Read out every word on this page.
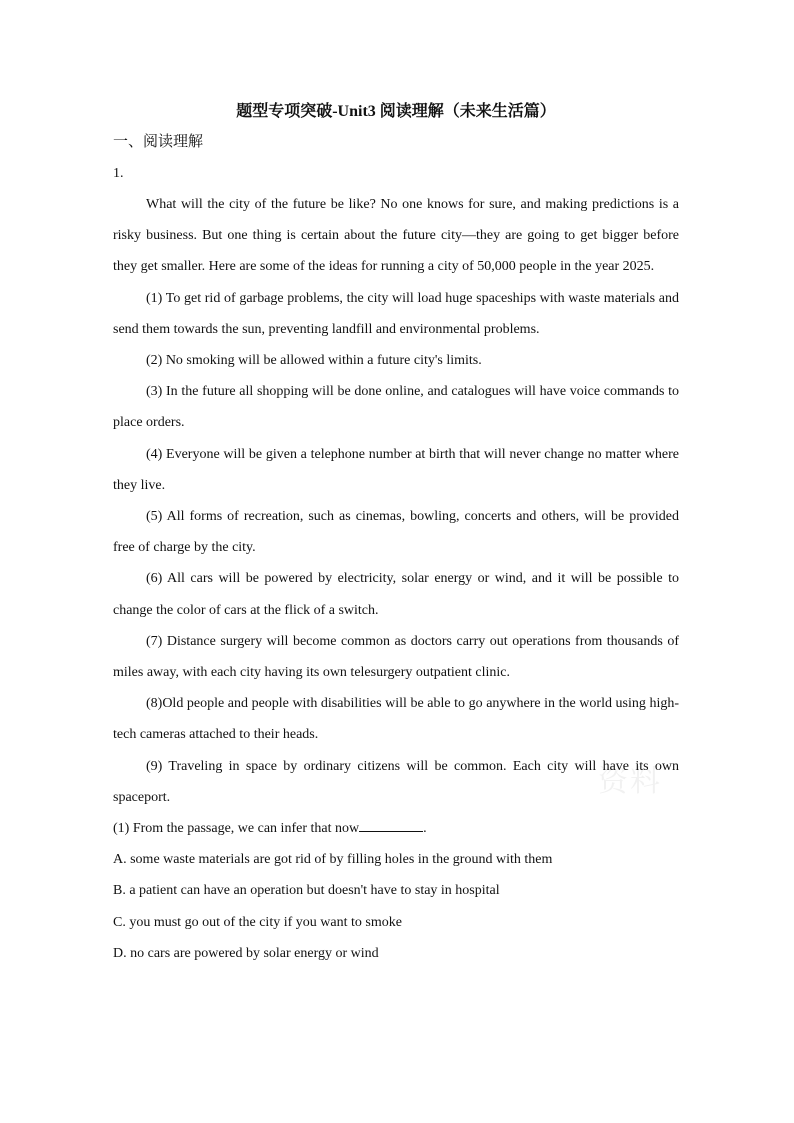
资料
题型专项突破-Unit3 阅读理解（未来生活篇）

一、阅读理解

1.

What will the city of the future be like? No one knows for sure, and making predictions is a risky business. But one thing is certain about the future city—they are going to get bigger before they get smaller. Here are some of the ideas for running a city of 50,000 people in the year 2025.

(1) To get rid of garbage problems, the city will load huge spaceships with waste materials and send them towards the sun, preventing landfill and environmental problems.

(2) No smoking will be allowed within a future city's limits.

(3) In the future all shopping will be done online, and catalogues will have voice commands to place orders.

(4) Everyone will be given a telephone number at birth that will never change no matter where they live.

(5) All forms of recreation, such as cinemas, bowling, concerts and others, will be provided free of charge by the city.

(6) All cars will be powered by electricity, solar energy or wind, and it will be possible to change the color of cars at the flick of a switch.

(7) Distance surgery will become common as doctors carry out operations from thousands of miles away, with each city having its own telesurgery outpatient clinic.

(8)Old people and people with disabilities will be able to go anywhere in the world using high-tech cameras attached to their heads.

(9) Traveling in space by ordinary citizens will be common. Each city will have its own spaceport.

(1) From the passage, we can infer that now	.

A. some waste materials are got rid of by filling holes in the ground with them

B. a patient can have an operation but doesn't have to stay in hospital

C. you must go out of the city if you want to smoke

D. no cars are powered by solar energy or wind
